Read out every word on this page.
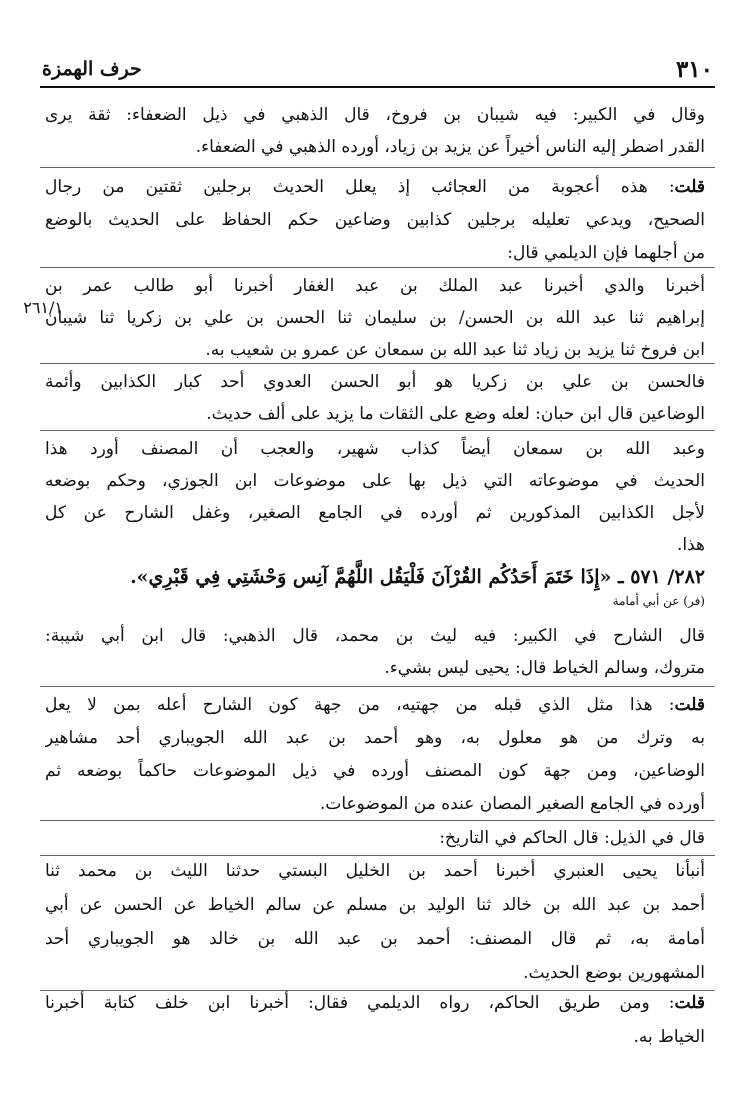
٣١٠
حرف الهمزة
وقال في الكبير: فيه شيبان بن فروخ، قال الذهبي في ذيل الضعفاء: ثقة يرى
القدر اضطر إليه الناس أخيراً عن يزيد بن زياد، أورده الذهبي في الضعفاء.
قلت: هذه أعجوبة من العجائب إذ يعلل الحديث برجلين ثقتين من رجال
الصحيح، ويدعي تعليله برجلين كذابين وضاعين حكم الحفاظ على الحديث بالوضع
من أجلهما فإن الديلمي قال:
أخبرنا والدي أخبرنا عبد الملك بن عبد الغفار أخبرنا أبو طالب عمر بن
إبراهيم ثنا عبد الله بن الحسن/ بن سليمان ثنا الحسن بن علي بن زكريا ثنا شيبان
ابن فروخ ثنا يزيد بن زياد ثنا عبد الله بن سمعان عن عمرو بن شعيب به.
٢٦١/١
فالحسن بن علي بن زكريا هو أبو الحسن العدوي أحد كبار الكذابين وأئمة
الوضاعين قال ابن حبان: لعله وضع على الثقات ما يزيد على ألف حديث.
وعبد الله بن سمعان أيضاً كذاب شهير، والعجب أن المصنف أورد هذا
الحديث في موضوعاته التي ذيل بها على موضوعات ابن الجوزي، وحكم بوضعه
لأجل الكذابين المذكورين ثم أورده في الجامع الصغير، وغفل الشارح عن كل
هذا.
٢٨٢/ ٥٧١ ـ «إِذَا خَتَمَ أَحَدُكُم القُرْآنَ فَلْيَقُل اللَّهُمَّ آنِس وَحْشَتِي فِي قَبْرِي».
(فر) عن أبي أمامة
قال الشارح في الكبير: فيه ليث بن محمد، قال الذهبي: قال ابن أبي شيبة:
متروك، وسالم الخياط قال: يحيى ليس بشيء.
قلت: هذا مثل الذي قبله من جهتيه، من جهة كون الشارح أعله بمن لا يعل
به وترك من هو معلول به، وهو أحمد بن عبد الله الجويباري أحد مشاهير
الوضاعين، ومن جهة كون المصنف أورده في ذيل الموضوعات حاكماً بوضعه ثم
أورده في الجامع الصغير المصان عنده من الموضوعات.
قال في الذيل: قال الحاكم في التاريخ:
أنبأنا يحيى العنبري أخبرنا أحمد بن الخليل البستي حدثنا الليث بن محمد ثنا
أحمد بن عبد الله بن خالد ثنا الوليد بن مسلم عن سالم الخياط عن الحسن عن أبي
أمامة به، ثم قال المصنف: أحمد بن عبد الله بن خالد هو الجويباري أحد
المشهورين بوضع الحديث.
قلت: ومن طريق الحاكم، رواه الديلمي فقال: أخبرنا ابن خلف كتابة أخبرنا
الخياط به.
